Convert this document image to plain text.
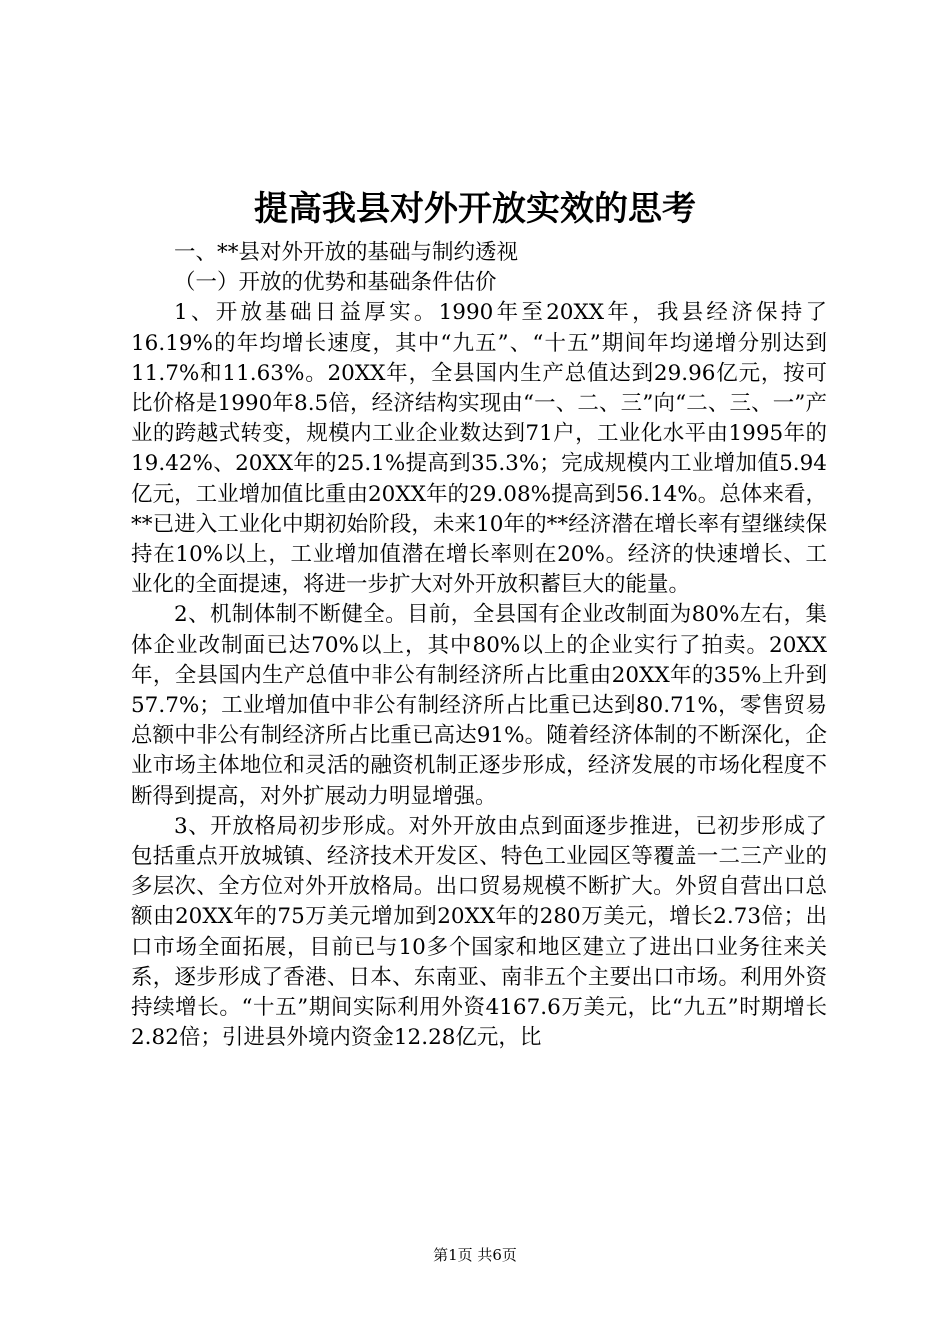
提高我县对外开放实效的思考

一、**县对外开放的基础与制约透视

（一）开放的优势和基础条件估价

1、开放基础日益厚实。1990年至20XX年，我县经济保持了16.19%的年均增长速度，其中“九五”、“十五”期间年均递增分别达到11.7%和11.63%。20XX年，全县国内生产总值达到29.96亿元，按可比价格是1990年8.5倍，经济结构实现由“一、二、三”向“二、三、一”产业的跨越式转变，规模内工业企业数达到71户，工业化水平由1995年的19.42%、20XX年的25.1%提高到35.3%；完成规模内工业增加值5.94亿元，工业增加值比重由20XX年的29.08%提高到56.14%。总体来看，**已进入工业化中期初始阶段，未来10年的**经济潜在增长率有望继续保持在10%以上，工业增加值潜在增长率则在20%。经济的快速增长、工业化的全面提速，将进一步扩大对外开放积蓄巨大的能量。

2、机制体制不断健全。目前，全县国有企业改制面为80%左右，集体企业改制面已达70%以上，其中80%以上的企业实行了拍卖。20XX年，全县国内生产总值中非公有制经济所占比重由20XX年的35%上升到57.7%；工业增加值中非公有制经济所占比重已达到80.71%，零售贸易总额中非公有制经济所占比重已高达91%。随着经济体制的不断深化，企业市场主体地位和灵活的融资机制正逐步形成，经济发展的市场化程度不断得到提高，对外扩展动力明显增强。

3、开放格局初步形成。对外开放由点到面逐步推进，已初步形成了包括重点开放城镇、经济技术开发区、特色工业园区等覆盖一二三产业的多层次、全方位对外开放格局。出口贸易规模不断扩大。外贸自营出口总额由20XX年的75万美元增加到20XX年的280万美元，增长2.73倍；出口市场全面拓展，目前已与10多个国家和地区建立了进出口业务往来关系，逐步形成了香港、日本、东南亚、南非五个主要出口市场。利用外资持续增长。“十五”期间实际利用外资4167.6万美元，比“九五”时期增长2.82倍；引进县外境内资金12.28亿元，比

第1页 共6页
